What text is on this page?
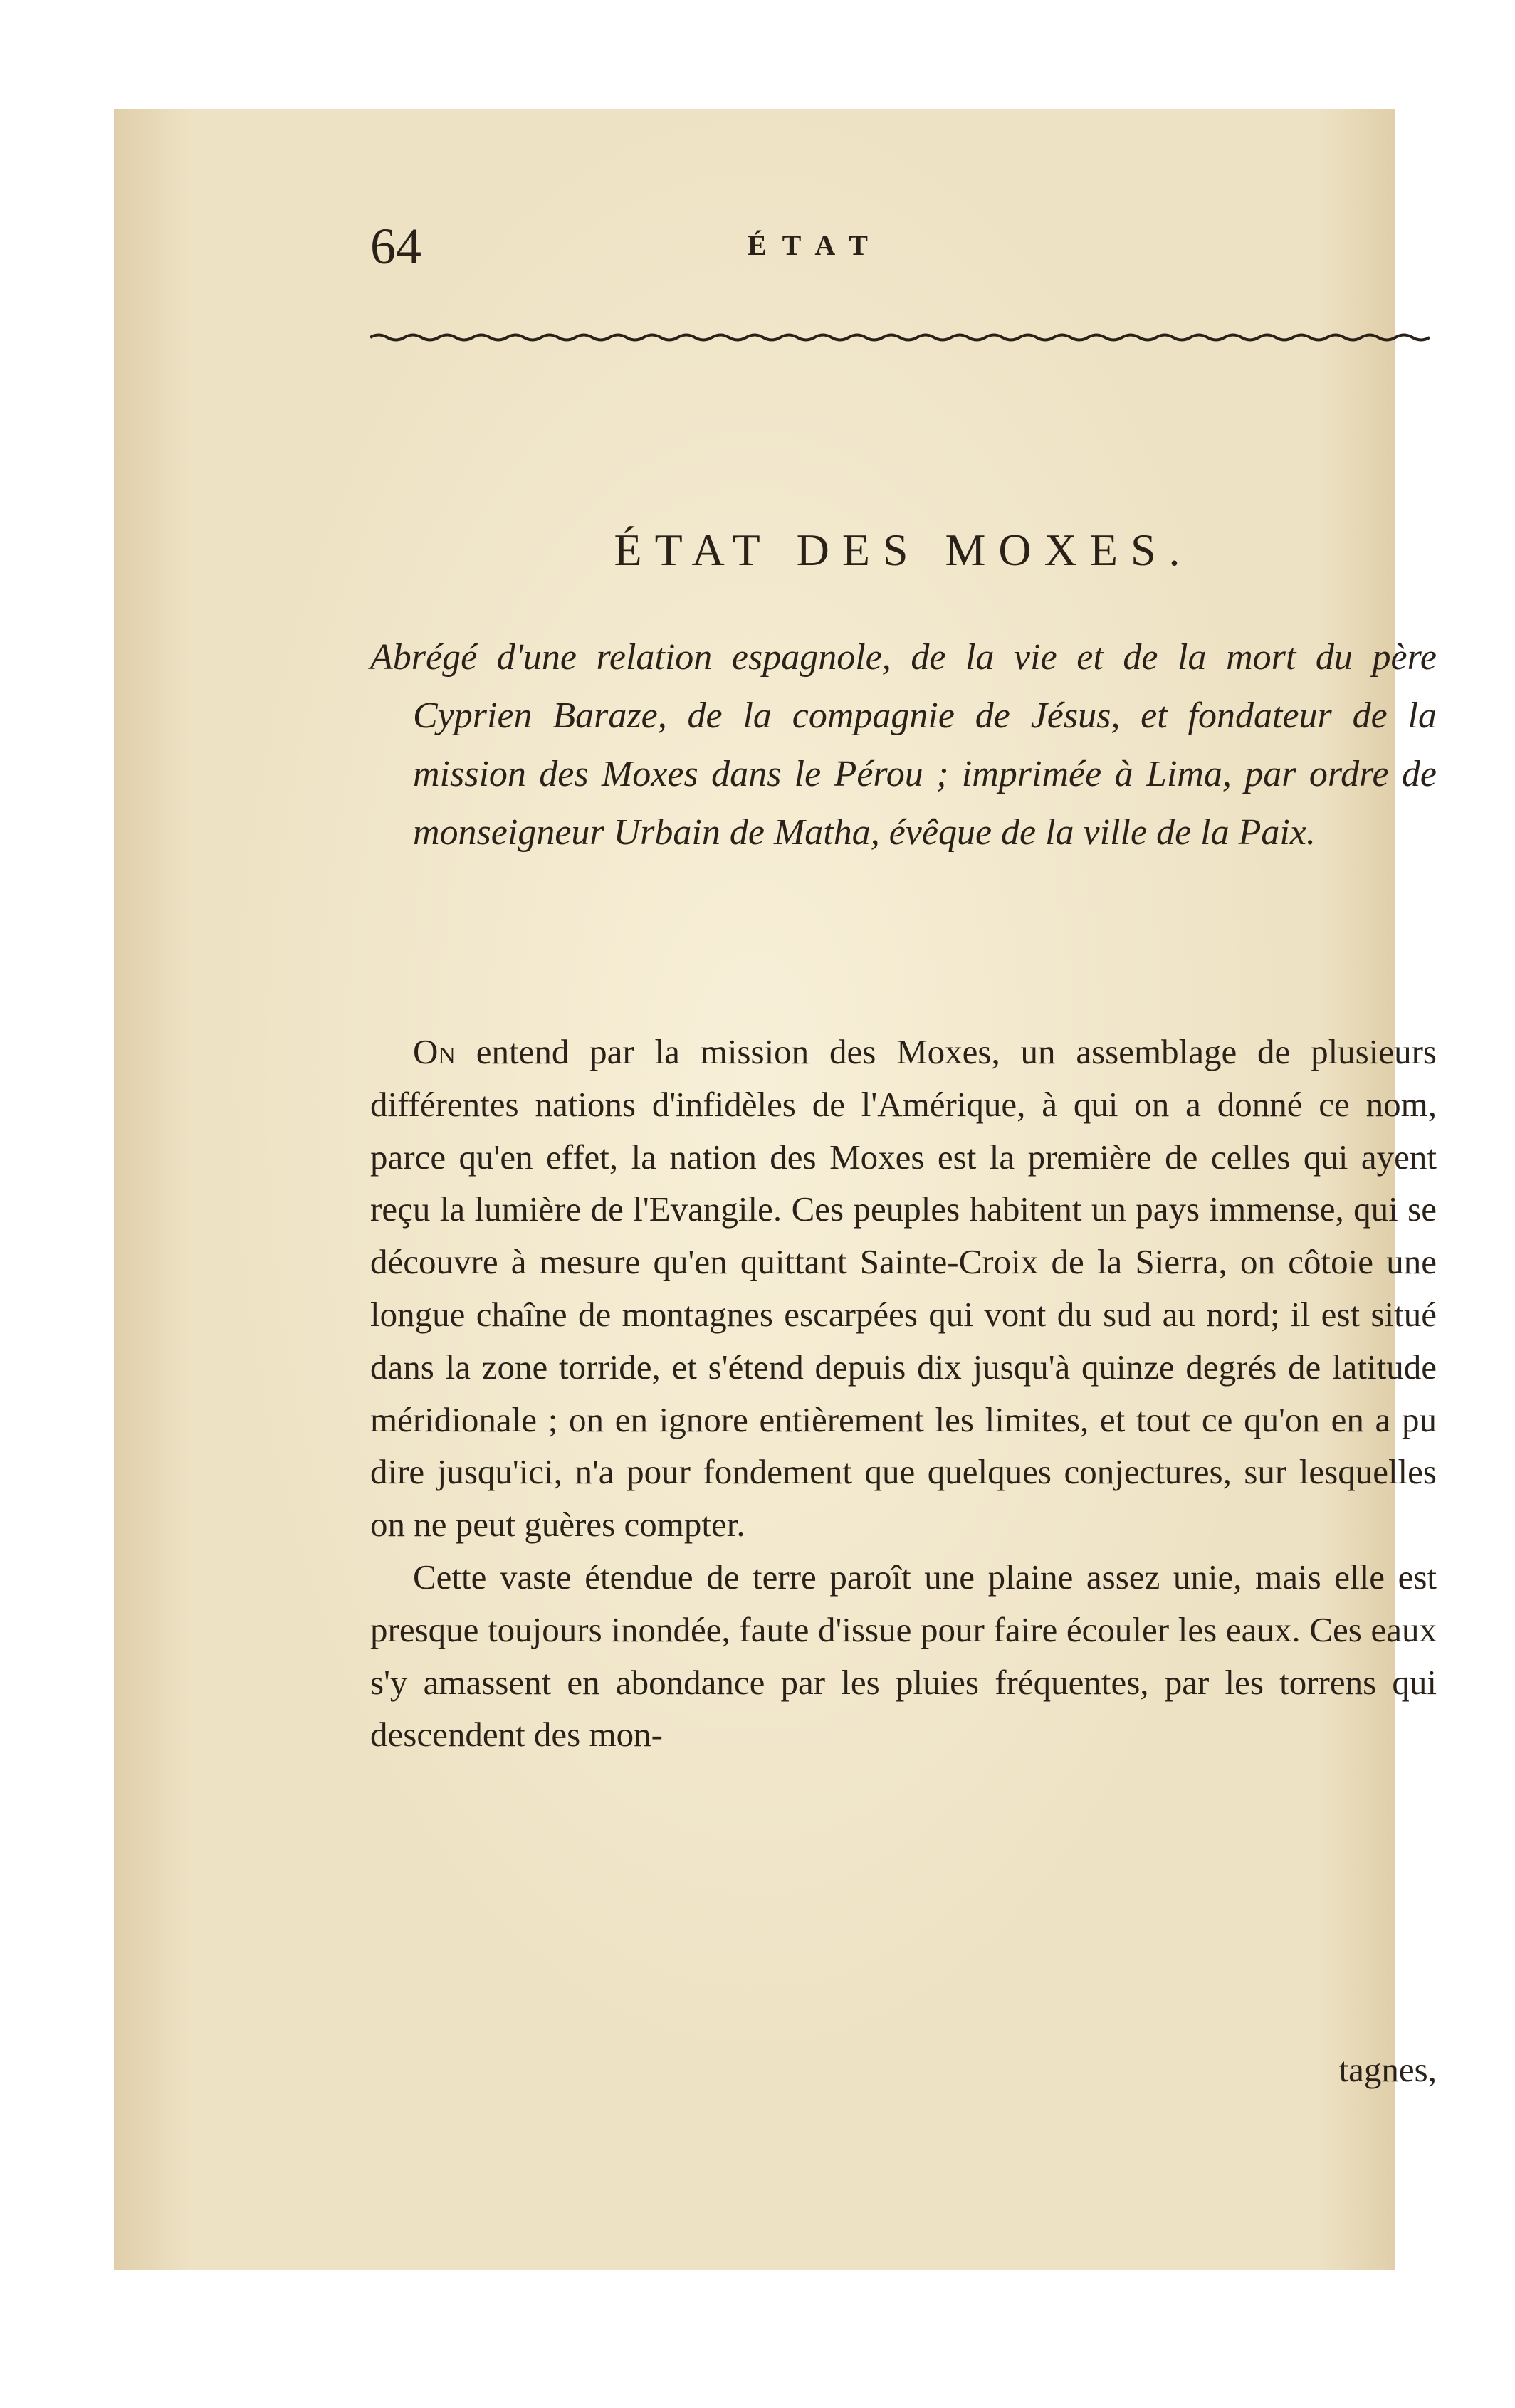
64	ÉTAT
ÉTAT DES MOXES.
Abrégé d'une relation espagnole, de la vie et de la mort du père Cyprien Baraze, de la compagnie de Jésus, et fondateur de la mission des Moxes dans le Pérou ; imprimée à Lima, par ordre de monseigneur Urbain de Matha, évêque de la ville de la Paix.

On entend par la mission des Moxes, un assemblage de plusieurs différentes nations d'infidèles de l'Amérique, à qui on a donné ce nom, parce qu'en effet, la nation des Moxes est la première de celles qui ayent reçu la lumière de l'Evangile. Ces peuples habitent un pays immense, qui se découvre à mesure qu'en quittant Sainte-Croix de la Sierra, on côtoie une longue chaîne de montagnes escarpées qui vont du sud au nord; il est situé dans la zone torride, et s'étend depuis dix jusqu'à quinze degrés de latitude méridionale ; on en ignore entièrement les limites, et tout ce qu'on en a pu dire jusqu'ici, n'a pour fondement que quelques conjectures, sur lesquelles on ne peut guères compter.

Cette vaste étendue de terre paroît une plaine assez unie, mais elle est presque toujours inondée, faute d'issue pour faire écouler les eaux. Ces eaux s'y amassent en abondance par les pluies fréquentes, par les torrens qui descendent des mon-

tagnes,
